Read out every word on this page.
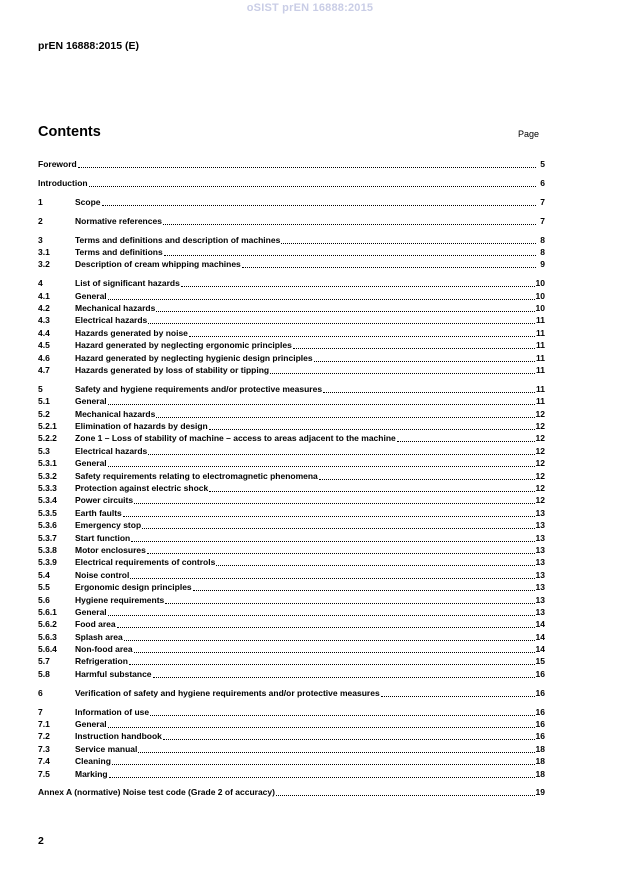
oSIST prEN 16888:2015
prEN 16888:2015 (E)
Contents	Page
Foreword	5
Introduction	6
1	Scope	7
2	Normative references	7
3	Terms and definitions and description of machines	8
3.1	Terms and definitions	8
3.2	Description of cream whipping machines	9
4	List of significant hazards	10
4.1	General	10
4.2	Mechanical hazards	10
4.3	Electrical hazards	11
4.4	Hazards generated by noise	11
4.5	Hazard generated by neglecting ergonomic principles	11
4.6	Hazard generated by neglecting hygienic design principles	11
4.7	Hazards generated by loss of stability or tipping	11
5	Safety and hygiene requirements and/or protective measures	11
5.1	General	11
5.2	Mechanical hazards	12
5.2.1	Elimination of hazards by design	12
5.2.2	Zone 1 – Loss of stability of machine – access to areas adjacent to the machine	12
5.3	Electrical hazards	12
5.3.1	General	12
5.3.2	Safety requirements relating to electromagnetic phenomena	12
5.3.3	Protection against electric shock	12
5.3.4	Power circuits	12
5.3.5	Earth faults	13
5.3.6	Emergency stop	13
5.3.7	Start function	13
5.3.8	Motor enclosures	13
5.3.9	Electrical requirements of controls	13
5.4	Noise control	13
5.5	Ergonomic design principles	13
5.6	Hygiene requirements	13
5.6.1	General	13
5.6.2	Food area	14
5.6.3	Splash area	14
5.6.4	Non-food area	14
5.7	Refrigeration	15
5.8	Harmful substance	16
6	Verification of safety and hygiene requirements and/or protective measures	16
7	Information of use	16
7.1	General	16
7.2	Instruction handbook	16
7.3	Service manual	18
7.4	Cleaning	18
7.5	Marking	18
Annex A (normative) Noise test code (Grade 2 of accuracy)	19
2
